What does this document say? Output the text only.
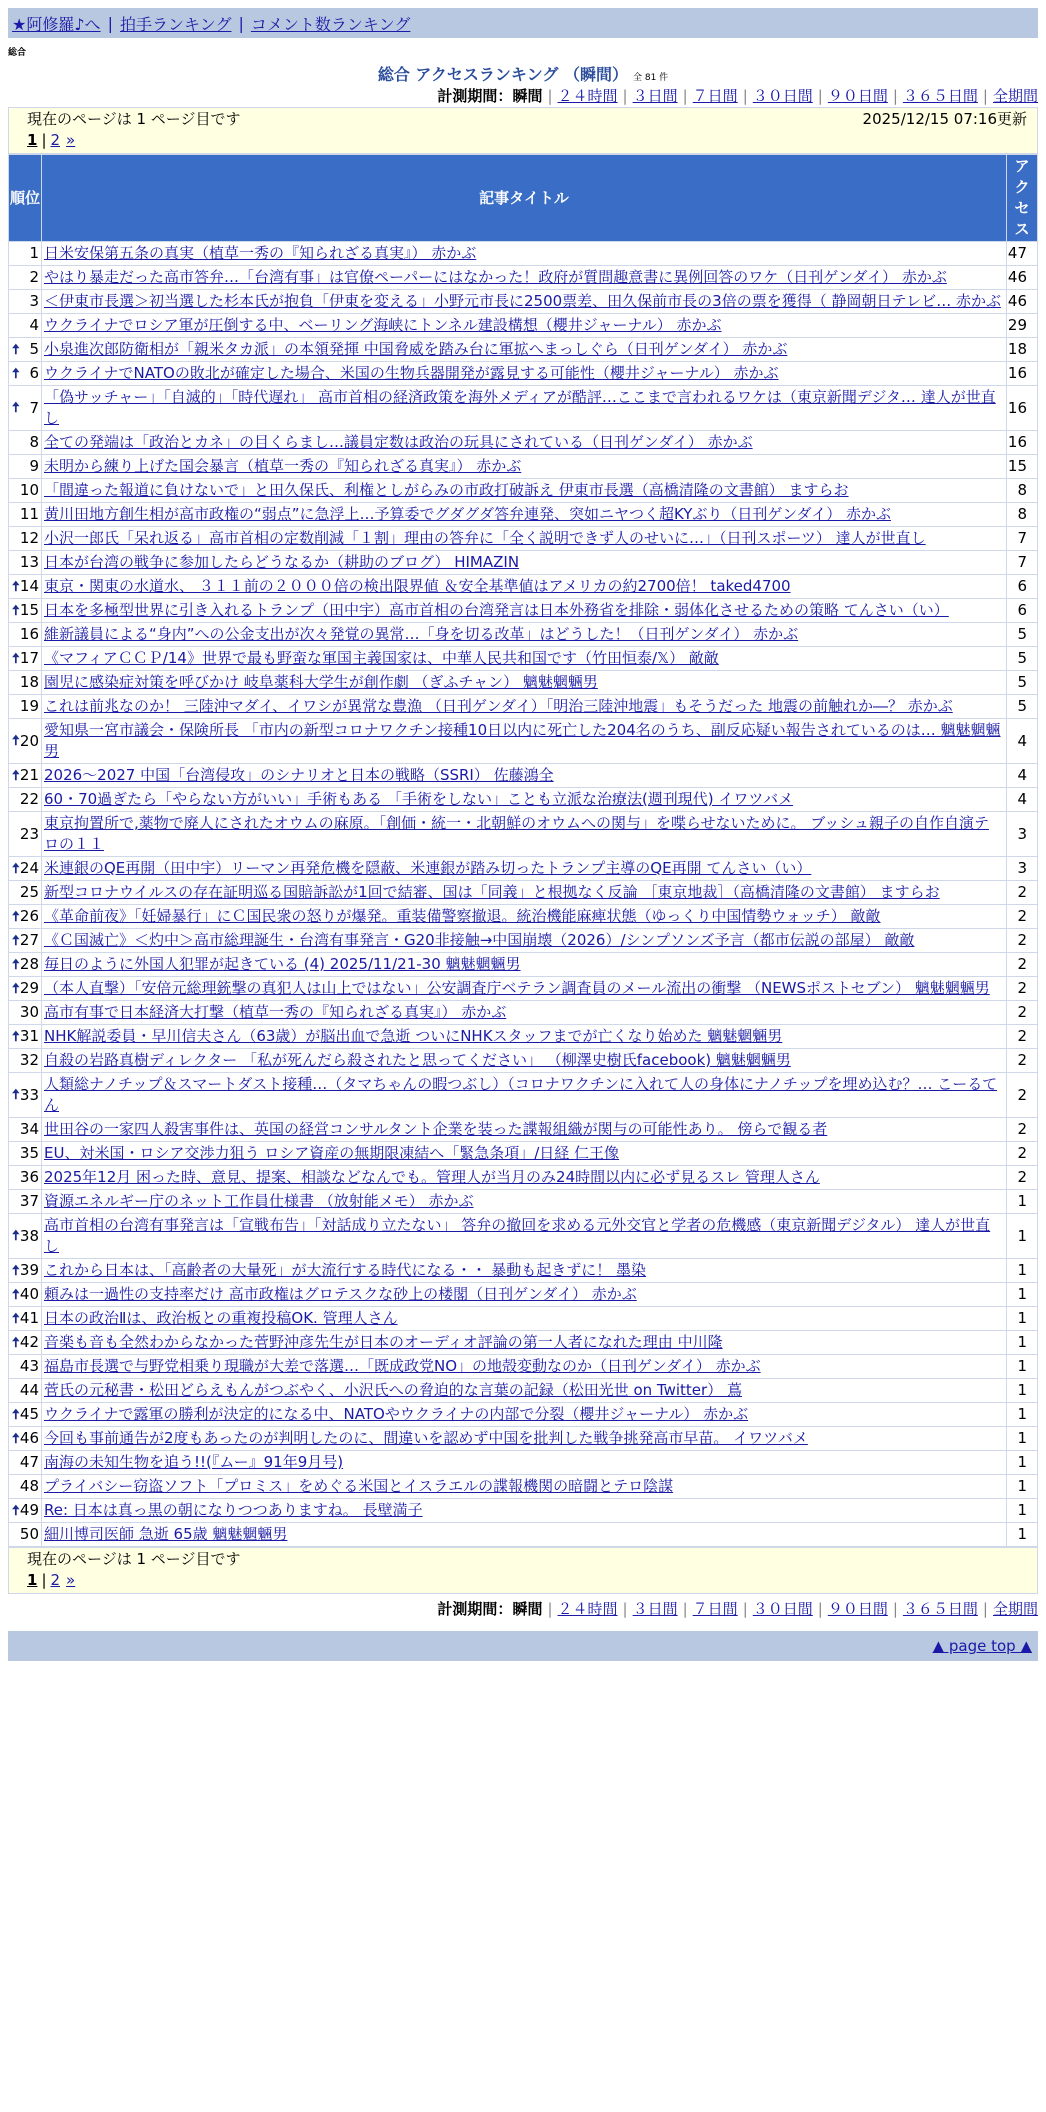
★阿修羅♪へ | 拍手ランキング | コメント数ランキング
総合
総合 アクセスランキング （瞬間） 全 81 件
計測期間：瞬間 | ２４時間 | ３日間 | ７日間 | ３０日間 | ９０日間 | ３６５日間 | 全期間
現在のページは 1 ページ目です	2025/12/15 07:16更新
1 | 2 »
順位	記事タイトル	アクセス
1	日米安保第五条の真実（植草一秀の『知られざる真実』） 赤かぶ	47
2	やはり暴走だった高市答弁…「台湾有事」は官僚ペーパーにはなかった！政府が質問趣意書に異例回答のワケ（日刊ゲンダイ） 赤かぶ	46
3	＜伊東市長選＞初当選した杉本氏が抱負「伊東を変える」小野元市長に2500票差、田久保前市長の3倍の票を獲得（ 静岡朝日テレビ… 赤かぶ	46
4	ウクライナでロシア軍が圧倒する中、ベーリング海峡にトンネル建設構想（櫻井ジャーナル） 赤かぶ	29

🠅 5	小泉進次郎防衛相が「親米タカ派」の本領発揮 中国脅威を踏み台に軍拡へまっしぐら（日刊ゲンダイ） 赤かぶ	18

🠅 6	ウクライナでNATOの敗北が確定した場合、米国の生物兵器開発が露見する可能性（櫻井ジャーナル） 赤かぶ	16

🠅 7	「偽サッチャー」「自滅的」「時代遅れ」 高市首相の経済政策を海外メディアが酷評…ここまで言われるワケは（東京新聞デジタ… 達人が世直し	16
8	全ての発端は「政治とカネ」の目くらまし…議員定数は政治の玩具にされている（日刊ゲンダイ） 赤かぶ	16
9	未明から練り上げた国会暴言（植草一秀の『知られざる真実』） 赤かぶ	15
10	「間違った報道に負けないで」と田久保氏、利権としがらみの市政打破訴え 伊東市長選（高橋清隆の文書館） ますらお	8
11	黄川田地方創生相が高市政権の“弱点”に急浮上…予算委でグダグダ答弁連発、突如ニヤつく超KYぶり（日刊ゲンダイ） 赤かぶ	8
12	小沢一郎氏「呆れ返る」高市首相の定数削減「１割」理由の答弁に「全く説明できず人のせいに…」（日刊スポーツ） 達人が世直し	7
13	日本が台湾の戦争に参加したらどうなるか（耕助のブログ） HIMAZIN	7

🠅 14	東京・関東の水道水、 ３１１前の２０００倍の検出限界値 ＆安全基準値はアメリカの約2700倍！ taked4700	6

🠅 15	日本を多極型世界に引き入れるトランプ（田中宇）高市首相の台湾発言は日本外務省を排除・弱体化させるための策略 てんさい（い）	6
16	維新議員による“身内”への公金支出が次々発覚の異常…「身を切る改革」はどうした！（日刊ゲンダイ） 赤かぶ	5

🠅 17	《マフィアＣＣＰ/14》世界で最も野蛮な軍国主義国家は、中華人民共和国です（竹田恒泰/𝕏） 敵敵	5
18	園児に感染症対策を呼びかけ 岐阜薬科大学生が創作劇 （ぎふチャン） 魑魅魍魎男	5
19	これは前兆なのか！ 三陸沖マダイ、イワシが異常な豊漁 （日刊ゲンダイ）「明治三陸沖地震」もそうだった 地震の前触れか―？ 赤かぶ	5

🠅 20	愛知県一宮市議会・保険所長 「市内の新型コロナワクチン接種10日以内に死亡した204名のうち、副反応疑い報告されているのは… 魑魅魍魎男	4

🠅 21	2026～2027 中国「台湾侵攻」のシナリオと日本の戦略（SSRI） 佐藤鴻全	4
22	60・70過ぎたら「やらない方がいい」手術もある 「手術をしない」ことも立派な治療法(週刊現代) イワツバメ	4
23	東京拘置所で,薬物で廃人にされたオウムの麻原。「創価・統一・北朝鮮のオウムへの関与」を喋らせないために。 ブッシュ親子の自作自演テロの１１	3

🠅 24	米連銀のQE再開（田中宇）リーマン再発危機を隠蔽、米連銀が踏み切ったトランプ主導のQE再開 てんさい（い）	3
25	新型コロナウイルスの存在証明巡る国賠訴訟が1回で結審、国は「同義」と根拠なく反論 ［東京地裁］（高橋清隆の文書館） ますらお	2

🠅 26	《革命前夜》「妊婦暴行」にＣ国民衆の怒りが爆発。重装備警察撤退。統治機能麻痺状態（ゆっくり中国情勢ウォッチ） 敵敵	2

🠅 27	《Ｃ国滅亡》＜灼中＞高市総理誕生・台湾有事発言・G20非接触→中国崩壊（2026）/シンプソンズ予言（都市伝説の部屋） 敵敵	2

🠅 28	毎日のように外国人犯罪が起きている (4) 2025/11/21-30 魑魅魍魎男	2

🠅 29	（本人直撃）「安倍元総理銃撃の真犯人は山上ではない」公安調査庁ベテラン調査員のメール流出の衝撃 （NEWSポストセブン） 魑魅魍魎男	2
30	高市有事で日本経済大打撃（植草一秀の『知られざる真実』） 赤かぶ	2

🠅 31	NHK解説委員・早川信夫さん（63歳）が脳出血で急逝 ついにNHKスタッフまでが亡くなり始めた 魑魅魍魎男	2
32	自殺の岩路真樹ディレクター 「私が死んだら殺されたと思ってください」 （柳澤史樹氏facebook) 魑魅魍魎男	2

🠅 33	人類総ナノチップ＆スマートダスト接種…（タマちゃんの暇つぶし）（コロナワクチンに入れて人の身体にナノチップを埋め込む？… こーるてん	2
34	世田谷の一家四人殺害事件は、英国の経営コンサルタント企業を装った諜報組織が関与の可能性あり。 傍らで観る者	2
35	EU、対米国・ロシア交渉力狙う ロシア資産の無期限凍結へ「緊急条項」/日経 仁王像	2
36	2025年12月 困った時、意見、提案、相談などなんでも。管理人が当月のみ24時間以内に必ず見るスレ 管理人さん	2
37	資源エネルギー庁のネット工作員仕様書 （放射能メモ） 赤かぶ	1

🠅 38	高市首相の台湾有事発言は「宣戦布告」「対話成り立たない」 答弁の撤回を求める元外交官と学者の危機感（東京新聞デジタル） 達人が世直し	1

🠅 39	これから日本は、「高齢者の大量死」が大流行する時代になる・・ 暴動も起きずに！ 墨染	1

🠅 40	頼みは一過性の支持率だけ 高市政権はグロテスクな砂上の楼閣（日刊ゲンダイ） 赤かぶ	1

🠅 41	日本の政治Ⅱは、政治板との重複投稿OK. 管理人さん	1

🠅 42	音楽も音も全然わからなかった菅野沖彦先生が日本のオーディオ評論の第一人者になれた理由 中川隆	1
43	福島市長選で与野党相乗り現職が大差で落選…「既成政党NO」の地殻変動なのか（日刊ゲンダイ） 赤かぶ	1
44	菅氏の元秘書・松田どらえもんがつぶやく、小沢氏への脅迫的な言葉の記録（松田光世 on Twitter） 蔦	1

🠅 45	ウクライナで露軍の勝利が決定的になる中、NATOやウクライナの内部で分裂（櫻井ジャーナル） 赤かぶ	1

🠅 46	今回も事前通告が2度もあったのが判明したのに、間違いを認めず中国を批判した戦争挑発高市早苗。 イワツバメ	1
47	南海の未知生物を追う!!(『ムー』91年9月号)	1
48	プライバシー窃盗ソフト「プロミス」をめぐる米国とイスラエルの諜報機関の暗闘とテロ陰謀	1

🠅 49	Re: 日本は真っ黒の朝になりつつありますね。 長壁満子	1
50	細川博司医師 急逝 65歳 魑魅魍魎男	1
現在のページは 1 ページ目です
1 | 2 »
計測期間：瞬間 | ２４時間 | ３日間 | ７日間 | ３０日間 | ９０日間 | ３６５日間 | 全期間
▲ page top ▲
